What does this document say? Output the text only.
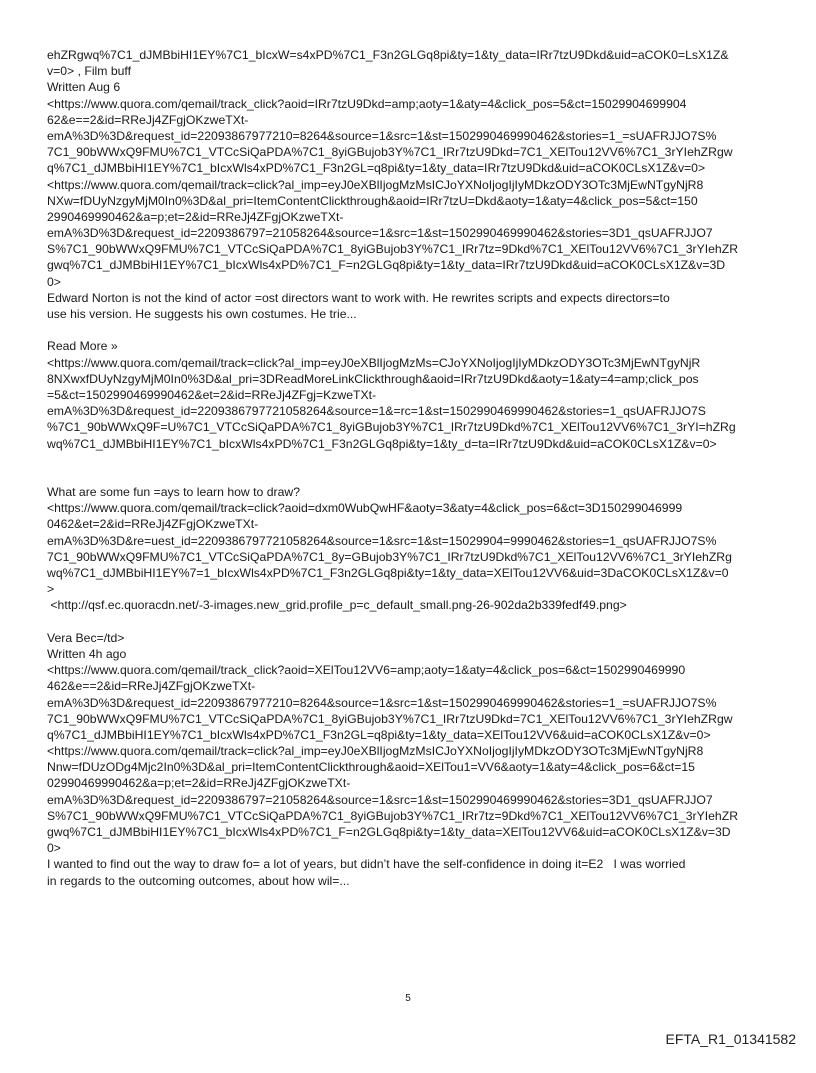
ehZRgwq%7C1_dJMBbiHI1EY%7C1_bIcxW=s4xPD%7C1_F3n2GLGq8pi&ty=1&ty_data=IRr7tzU9Dkd&uid=aCOK0=LsX1Z&

v=0> , Film buff

Written Aug 6

<https://www.quora.com/qemail/track_click?aoid=IRr7tzU9Dkd=amp;aoty=1&aty=4&click_pos=5&ct=15029904699904

62&e==2&id=RReJj4ZFgjOKzweTXt-

emA%3D%3D&request_id=22093867977210=8264&source=1&src=1&st=1502990469990462&stories=1_=sUAFRJJO7S%

7C1_90bWWxQ9FMU%7C1_VTCcSiQaPDA%7C1_8yiGBujob3Y%7C1_IRr7tzU9Dkd=7C1_XElTou12VV6%7C1_3rYIehZRgw

q%7C1_dJMBbiHI1EY%7C1_bIcxWls4xPD%7C1_F3n2GL=q8pi&ty=1&ty_data=IRr7tzU9Dkd&uid=aCOK0CLsX1Z&v=0>

<https://www.quora.com/qemail/track=click?al_imp=eyJ0eXBlIjogMzMsICJoYXNoIjogIjIyMDkzODY3OTc3MjEwNTgyNjR8

NXw=fDUyNzgyMjM0In0%3D&al_pri=ItemContentClickthrough&aoid=IRr7tzU=Dkd&aoty=1&aty=4&click_pos=5&ct=150

2990469990462&a=p;et=2&id=RReJj4ZFgjOKzweTXt-

emA%3D%3D&request_id=2209386797=21058264&source=1&src=1&st=1502990469990462&stories=3D1_qsUAFRJJO7

S%7C1_90bWWxQ9FMU%7C1_VTCcSiQaPDA%7C1_8yiGBujob3Y%7C1_IRr7tz=9Dkd%7C1_XElTou12VV6%7C1_3rYIehZR

gwq%7C1_dJMBbiHI1EY%7C1_bIcxWls4xPD%7C1_F=n2GLGq8pi&ty=1&ty_data=IRr7tzU9Dkd&uid=aCOK0CLsX1Z&v=3D

0>

Edward Norton is not the kind of actor =ost directors want to work with. He rewrites scripts and expects directors=to

use his version. He suggests his own costumes. He trie...

Read More »

<https://www.quora.com/qemail/track=click?al_imp=eyJ0eXBlIjogMzMs=CJoYXNoIjogIjIyMDkzODY3OTc3MjEwNTgyNjR

8NXwxfDUyNzgyMjM0In0%3D&al_pri=3DReadMoreLinkClickthrough&aoid=IRr7tzU9Dkd&aoty=1&aty=4=amp;click_pos

=5&ct=1502990469990462&et=2&id=RReJj4ZFgj=KzweTXt-

emA%3D%3D&request_id=2209386797721058264&source=1&=rc=1&st=1502990469990462&stories=1_qsUAFRJJO7S

%7C1_90bWWxQ9F=U%7C1_VTCcSiQaPDA%7C1_8yiGBujob3Y%7C1_IRr7tzU9Dkd%7C1_XElTou12VV6%7C1_3rYI=hZRg

wq%7C1_dJMBbiHI1EY%7C1_bIcxWls4xPD%7C1_F3n2GLGq8pi&ty=1&ty_d=ta=IRr7tzU9Dkd&uid=aCOK0CLsX1Z&v=0>

What are some fun =ays to learn how to draw?

<https://www.quora.com/qemail/track=click?aoid=dxm0WubQwHF&aoty=3&aty=4&click_pos=6&ct=3D150299046999

0462&et=2&id=RReJj4ZFgjOKzweTXt-

emA%3D%3D&re=uest_id=2209386797721058264&source=1&src=1&st=15029904=9990462&stories=1_qsUAFRJJO7S%

7C1_90bWWxQ9FMU%7C1_VTCcSiQaPDA%7C1_8y=GBujob3Y%7C1_IRr7tzU9Dkd%7C1_XElTou12VV6%7C1_3rYIehZRg

wq%7C1_dJMBbiHI1EY%7=1_bIcxWls4xPD%7C1_F3n2GLGq8pi&ty=1&ty_data=XElTou12VV6&uid=3DaCOK0CLsX1Z&v=0

>

<http://qsf.ec.quoracdn.net/-3-images.new_grid.profile_p=c_default_small.png-26-902da2b339fedf49.png>

Vera Bec=/td>

Written 4h ago

<https://www.quora.com/qemail/track_click?aoid=XElTou12VV6=amp;aoty=1&aty=4&click_pos=6&ct=1502990469990

462&e==2&id=RReJj4ZFgjOKzweTXt-

emA%3D%3D&request_id=22093867977210=8264&source=1&src=1&st=1502990469990462&stories=1_=sUAFRJJO7S%

7C1_90bWWxQ9FMU%7C1_VTCcSiQaPDA%7C1_8yiGBujob3Y%7C1_IRr7tzU9Dkd=7C1_XElTou12VV6%7C1_3rYIehZRgw

q%7C1_dJMBbiHI1EY%7C1_bIcxWls4xPD%7C1_F3n2GL=q8pi&ty=1&ty_data=XElTou12VV6&uid=aCOK0CLsX1Z&v=0>

<https://www.quora.com/qemail/track=click?al_imp=eyJ0eXBlIjogMzMsICJoYXNoIjogIjIyMDkzODY3OTc3MjEwNTgyNjR8

Nnw=fDUzODg4Mjc2In0%3D&al_pri=ItemContentClickthrough&aoid=XElTou1=VV6&aoty=1&aty=4&click_pos=6&ct=15

02990469990462&a=p;et=2&id=RReJj4ZFgjOKzweTXt-

emA%3D%3D&request_id=2209386797=21058264&source=1&src=1&st=1502990469990462&stories=3D1_qsUAFRJJO7

S%7C1_90bWWxQ9FMU%7C1_VTCcSiQaPDA%7C1_8yiGBujob3Y%7C1_IRr7tz=9Dkd%7C1_XElTou12VV6%7C1_3rYIehZR

gwq%7C1_dJMBbiHI1EY%7C1_bIcxWls4xPD%7C1_F=n2GLGq8pi&ty=1&ty_data=XElTou12VV6&uid=aCOK0CLsX1Z&v=3D

0>

I wanted to find out the way to draw fo= a lot of years, but didn’t have the self-confidence in doing it=E2   I was worried

in regards to the outcoming outcomes, about how wil=...

5
EFTA_R1_01341582
